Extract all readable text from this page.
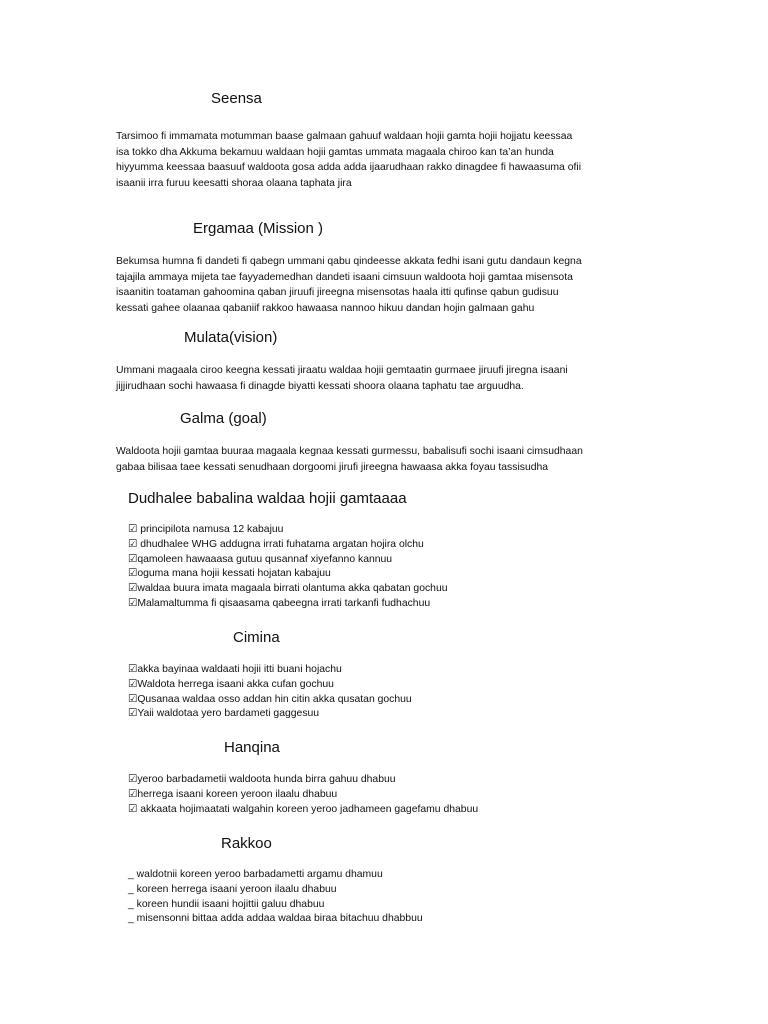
Seensa
Tarsimoo fi immamata motumman baase galmaan gahuuf waldaan hojii gamta hojii hojjatu keessaa
isa tokko dha Akkuma bekamuu waldaan hojii gamtas ummata magaala chiroo kan ta’an hunda
hiyyumma keessaa baasuuf waldoota gosa adda adda ijaarudhaan rakko dinagdee fi hawaasuma ofii
isaanii irra furuu keesatti shoraa olaana taphata jira
Ergamaa (Mission )
Bekumsa humna fi dandeti fi qabegn ummani qabu qindeesse akkata fedhi isani gutu dandaun kegna
tajajila ammaya mijeta tae fayyademedhan dandeti isaani cimsuun waldoota hoji gamtaa misensota
isaanitin toataman gahoomina qaban jiruufi jireegna misensotas haala itti qufinse qabun gudisuu
kessati gahee olaanaa qabaniif rakkoo hawaasa nannoo hikuu dandan hojin galmaan gahu
Mulata(vision)
Ummani magaala ciroo keegna kessati jiraatu waldaa hojii gemtaatin gurmaee jiruufi jiregna isaani
jijjirudhaan sochi hawaasa fi dinagde biyatti kessati shoora olaana taphatu tae arguudha.
Galma (goal)
Waldoota hojii gamtaa buuraa magaala kegnaa kessati gurmessu, babalisufi sochi isaani cimsudhaan
gabaa bilisaa taee kessati senudhaan dorgoomi jirufi jireegna hawaasa akka foyau tassisudha
Dudhalee babalina waldaa hojii gamtaaaa
☑ principilota namusa 12 kabajuu
☑ dhudhalee WHG addugna irrati fuhatama argatan hojira olchu
☑qamoleen hawaaasa gutuu qusannaf xiyefanno kannuu
☑oguma mana hojii kessati hojatan kabajuu
☑waldaa buura imata magaala birrati olantuma akka qabatan gochuu
☑Malamaltumma fi qisaasama qabeegna irrati tarkanfi fudhachuu
Cimina
☑akka bayinaa waldaati hojii itti buani hojachu
☑Waldota herrega isaani akka cufan gochuu
☑Qusanaa waldaa osso addan hin citin akka qusatan gochuu
☑Yaii waldotaa yero bardameti gaggesuu
Hanqina
☑yeroo barbadametii waldoota hunda birra gahuu dhabuu
☑herrega isaani koreen yeroon ilaalu dhabuu
☑ akkaata hojimaatati walgahin koreen yeroo jadhameen gagefamu dhabuu
Rakkoo
_ waldotnii koreen yeroo barbadametti argamu dhamuu
_ koreen herrega isaani yeroon ilaalu dhabuu
_ koreen hundii isaani hojittii galuu dhabuu
_ misensonni bittaa adda addaa waldaa biraa bitachuu dhabbuu
